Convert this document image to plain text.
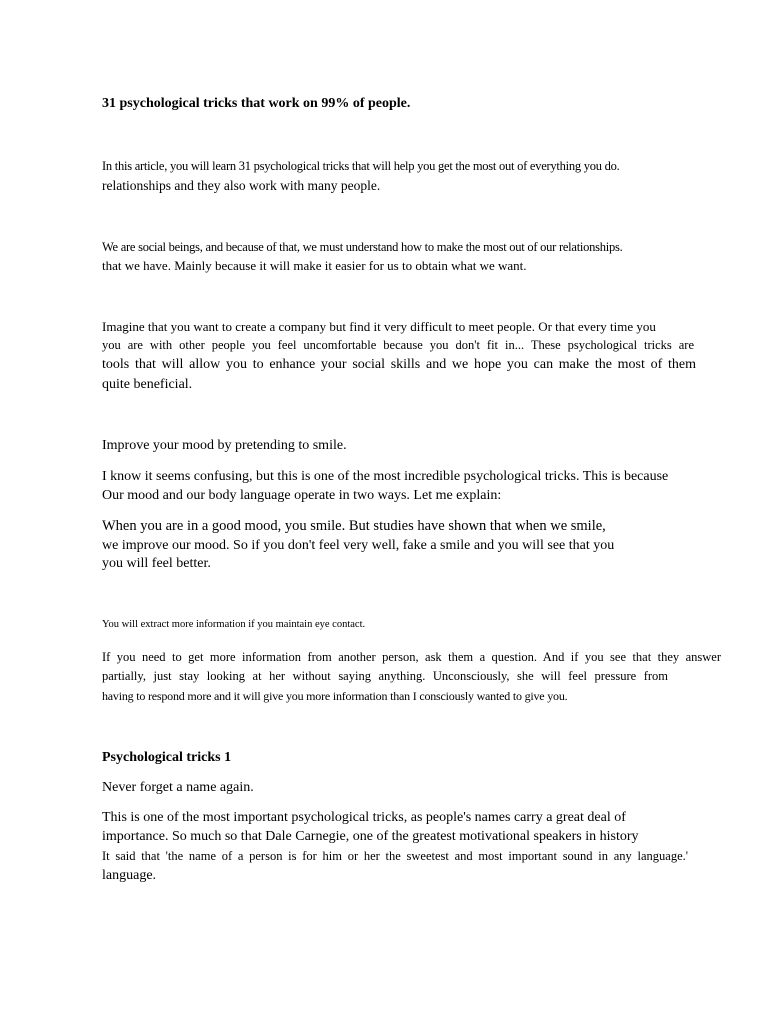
31 psychological tricks that work on 99% of people.

In this article, you will learn 31 psychological tricks that will help you get the most out of everything you do.

relationships and they also work with many people.

We are social beings, and because of that, we must understand how to make the most out of our relationships.

that we have. Mainly because it will make it easier for us to obtain what we want.

Imagine that you want to create a company but find it very difficult to meet people. Or that every time you

you are with other people you feel uncomfortable because you don't fit in... These psychological tricks are

tools that will allow you to enhance your social skills and we hope you can make the most of them

quite beneficial.

Improve your mood by pretending to smile.

I know it seems confusing, but this is one of the most incredible psychological tricks. This is because

Our mood and our body language operate in two ways. Let me explain:

When you are in a good mood, you smile. But studies have shown that when we smile,

we improve our mood. So if you don't feel very well, fake a smile and you will see that you

you will feel better.

You will extract more information if you maintain eye contact.

If you need to get more information from another person, ask them a question. And if you see that they answer

partially, just stay looking at her without saying anything. Unconsciously, she will feel pressure from

having to respond more and it will give you more information than I consciously wanted to give you.

Psychological tricks 1

Never forget a name again.

This is one of the most important psychological tricks, as people's names carry a great deal of

importance. So much so that Dale Carnegie, one of the greatest motivational speakers in history

It said that 'the name of a person is for him or her the sweetest and most important sound in any language.'

language.
